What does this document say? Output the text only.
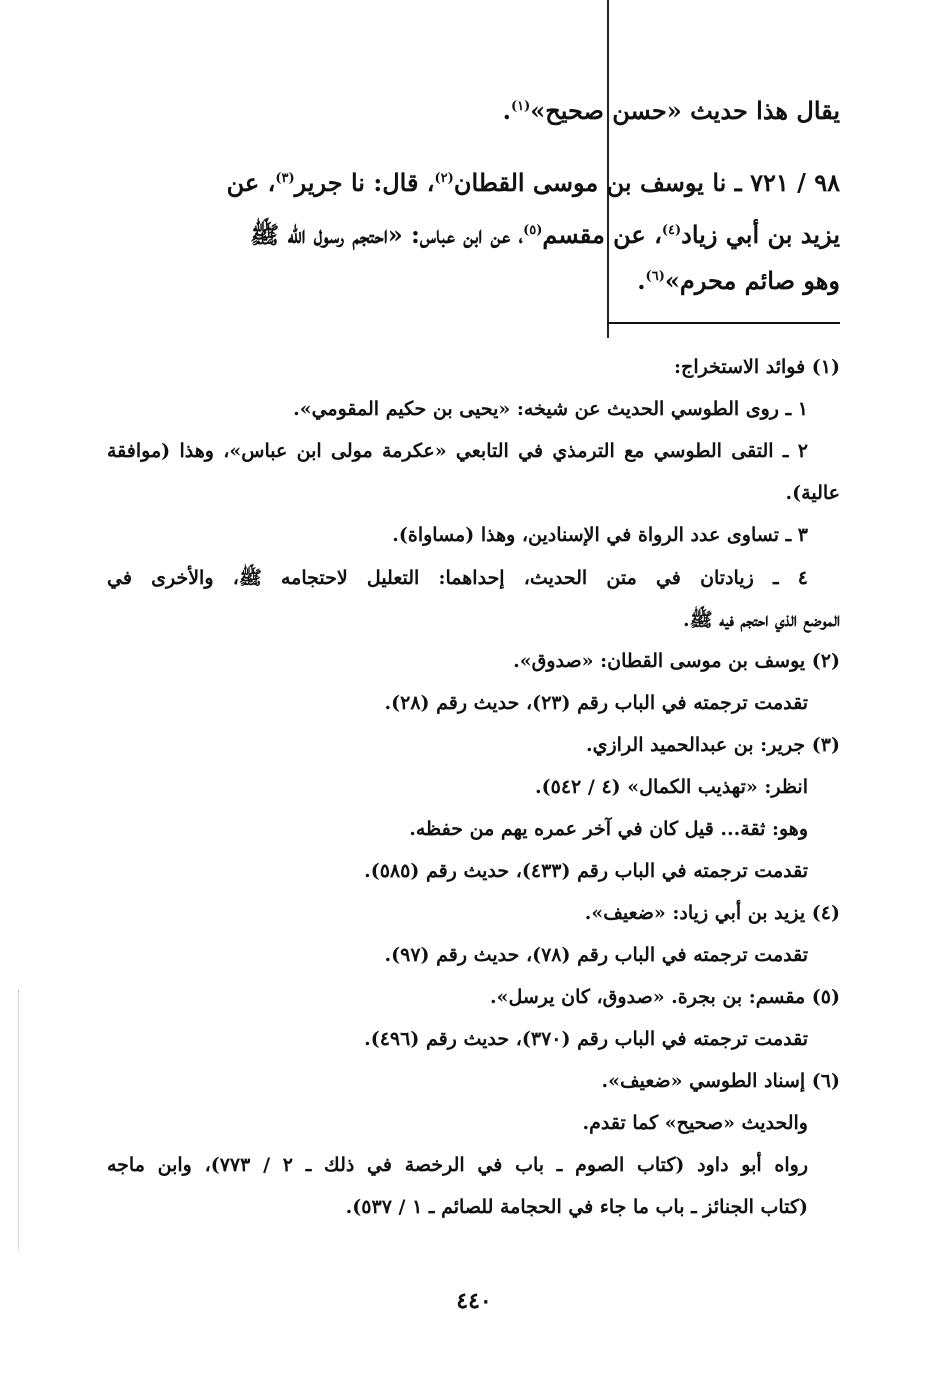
يقال هذا حديث «حسن صحيح»$^{(١)}$.
٩٨ / ٧٢١ ـ نا يوسف بن موسى القطان$^{(٢)}$، قال: نا جرير$^{(٣)}$، عن
يزيد بن أبي زياد$^{(٤)}$، عن مقسم$^{(٥)}$، عن ابن عباس: «احتجم رسول الله ﷺ
وهو صائم محرم»$^{(٦)}$.
(١) فوائد الاستخراج:
١ ـ روى الطوسي الحديث عن شيخه: «يحيى بن حكيم المقومي».
٢ ـ التقى الطوسي مع الترمذي في التابعي «عكرمة مولى ابن عباس»، وهذا (موافقة
عالية).
٣ ـ تساوى عدد الرواة في الإسنادين، وهذا (مساواة).
٤ ـ زيادتان في متن الحديث، إحداهما: التعليل لاحتجامه ﷺ، والأخرى في
الموضع الذي احتجم فيه ﷺ.
(٢) يوسف بن موسى القطان: «صدوق».
تقدمت ترجمته في الباب رقم (٢٣)، حديث رقم (٢٨).
(٣) جرير: بن عبدالحميد الرازي.
انظر: «تهذيب الكمال» (٤ / ٥٤٢).
وهو: ثقة... قيل كان في آخر عمره يهم من حفظه.
تقدمت ترجمته في الباب رقم (٤٣٣)، حديث رقم (٥٨٥).
(٤) يزيد بن أبي زياد: «ضعيف».
تقدمت ترجمته في الباب رقم (٧٨)، حديث رقم (٩٧).
(٥) مقسم: بن بجرة. «صدوق، كان يرسل».
تقدمت ترجمته في الباب رقم (٣٧٠)، حديث رقم (٤٩٦).
(٦) إسناد الطوسي «ضعيف».
والحديث «صحيح» كما تقدم.
رواه أبو داود (كتاب الصوم ـ باب في الرخصة في ذلك ـ ٢ / ٧٧٣)، وابن ماجه
(كتاب الجنائز ـ باب ما جاء في الحجامة للصائم ـ ١ / ٥٣٧).
٤٤٠
